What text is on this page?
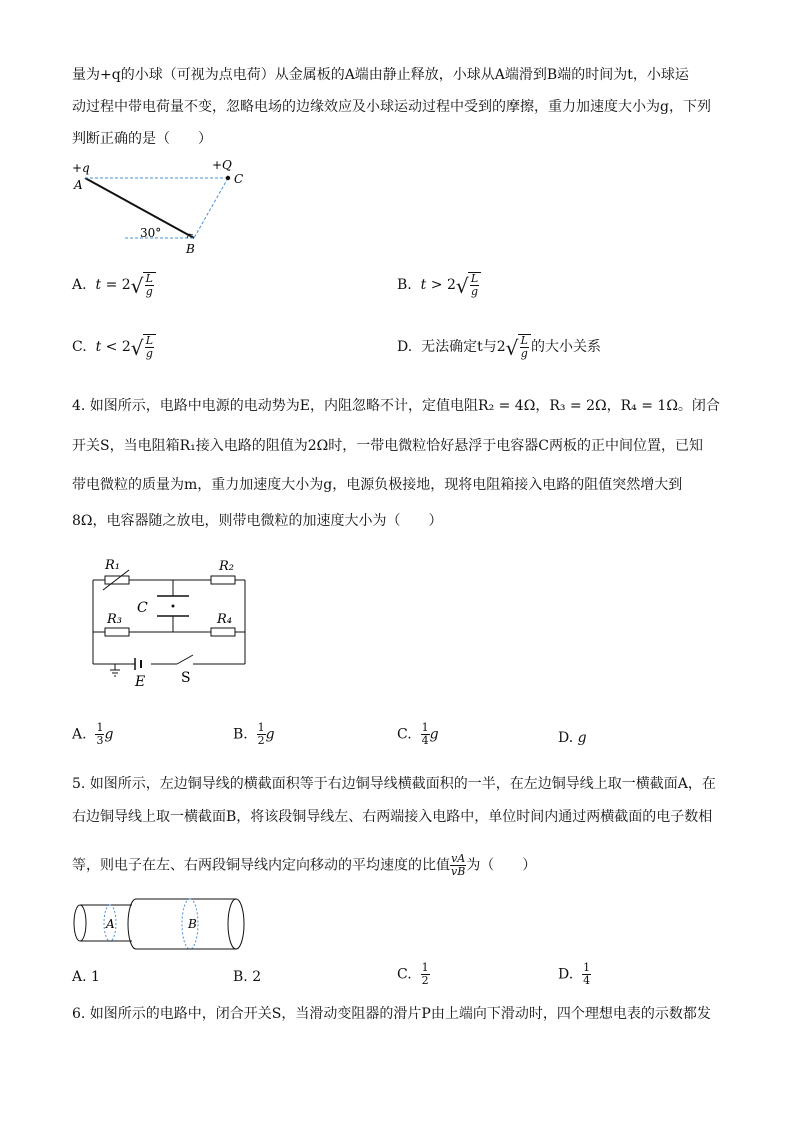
量为+q的小球（可视为点电荷）从金属板的A端由静止释放，小球从A端滑到B端的时间为t，小球运
动过程中带电荷量不变，忽略电场的边缘效应及小球运动过程中受到的摩擦，重力加速度大小为g，下列
判断正确的是（　　）
+q
A
+Q
C
B
30°
A. t = 2 √ $\frac{L}{g}$	B. t > 2 √ $\frac{L}{g}$
C. t < 2 √ $\frac{L}{g}$	D. 无法确定t与2 √ $\frac{L}{g}$ 的大小关系
4. 如图所示，电路中电源的电动势为E，内阻忽略不计，定值电阻R₂ = 4Ω，R₃ = 2Ω，R₄ = 1Ω。闭合
开关S，当电阻箱R₁接入电路的阻值为2Ω时，一带电微粒恰好悬浮于电容器C两板的正中间位置，已知
带电微粒的质量为m，重力加速度大小为g，电源负极接地，现将电阻箱接入电路的阻值突然增大到
8Ω，电容器随之放电，则带电微粒的加速度大小为（　　）
R₁	R₂
R₃	R₄
C
E	S
A. $\frac{1}{3}$ g	B. $\frac{1}{2}$ g	C. $\frac{1}{4}$ g	D. g
5. 如图所示，左边铜导线的横截面积等于右边铜导线横截面积的一半，在左边铜导线上取一横截面A，在
右边铜导线上取一横截面B，将该段铜导线左、右两端接入电路中，单位时间内通过两横截面的电子数相
等，则电子在左、右两段铜导线内定向移动的平均速度的比值 $\frac{vA}{vB}$ 为（　　）
A	B
A. 1	B. 2	C. $\frac{1}{2}$	D. $\frac{1}{4}$
6. 如图所示的电路中，闭合开关S，当滑动变阻器的滑片P由上端向下滑动时，四个理想电表的示数都发
